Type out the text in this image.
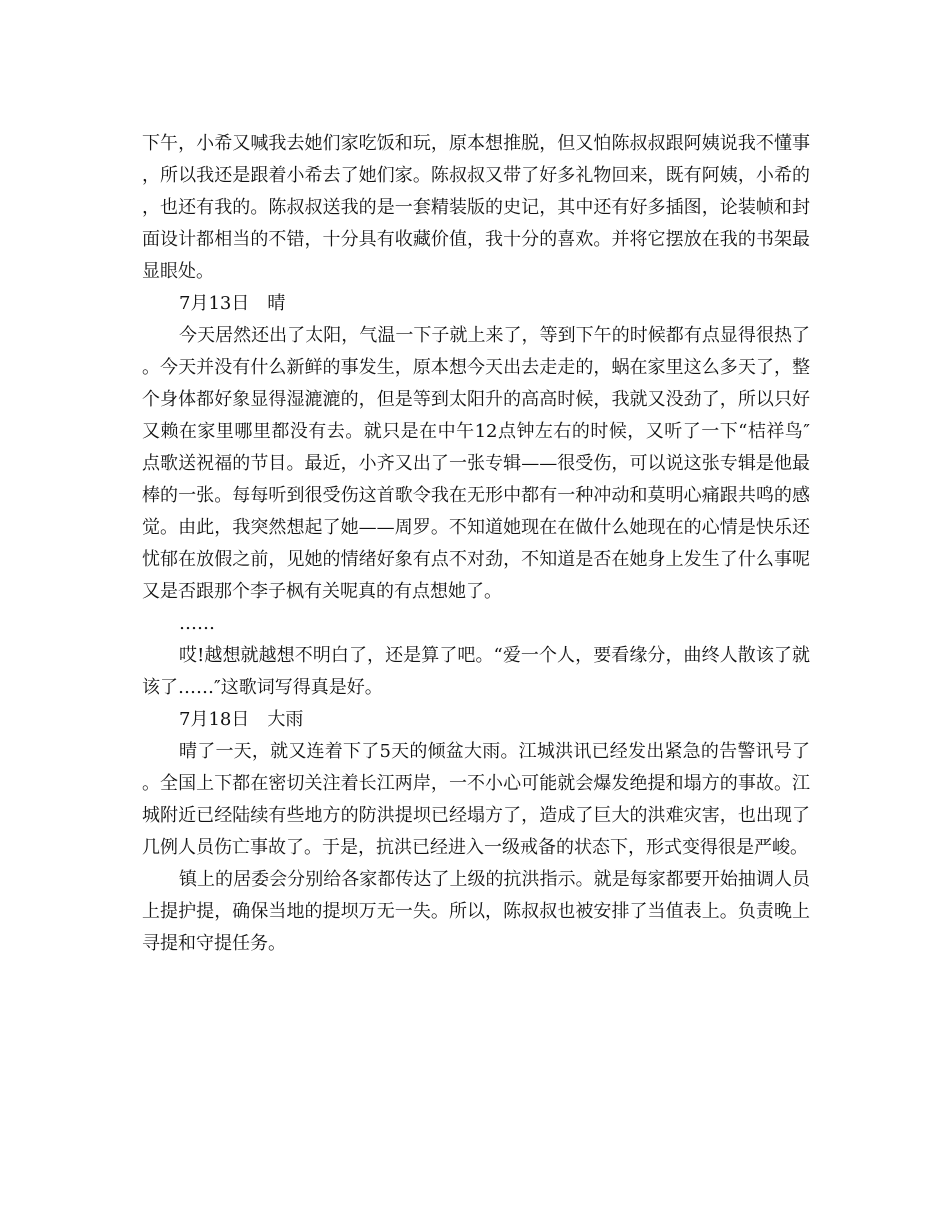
下午，小希又喊我去她们家吃饭和玩，原本想推脱，但又怕陈叔叔跟阿姨说我不懂事，所以我还是跟着小希去了她们家。陈叔叔又带了好多礼物回来，既有阿姨，小希的，也还有我的。陈叔叔送我的是一套精装版的史记，其中还有好多插图，论装帧和封面设计都相当的不错，十分具有收藏价值，我十分的喜欢。并将它摆放在我的书架最显眼处。

7月13日　晴

今天居然还出了太阳，气温一下子就上来了，等到下午的时候都有点显得很热了。今天并没有什么新鲜的事发生，原本想今天出去走走的，蜗在家里这么多天了，整个身体都好象显得湿漉漉的，但是等到太阳升的高高时候，我就又没劲了，所以只好又赖在家里哪里都没有去。就只是在中午12点钟左右的时候，又听了一下“桔祥鸟″点歌送祝福的节目。最近，小齐又出了一张专辑——很受伤，可以说这张专辑是他最棒的一张。每每听到很受伤这首歌令我在无形中都有一种冲动和莫明心痛跟共鸣的感觉。由此，我突然想起了她——周罗。不知道她现在在做什么她现在的心情是快乐还忧郁在放假之前，见她的情绪好象有点不对劲，不知道是否在她身上发生了什么事呢又是否跟那个李子枫有关呢真的有点想她了。

……

哎!越想就越想不明白了，还是算了吧。“爱一个人，要看缘分，曲终人散该了就该了……″这歌词写得真是好。

7月18日　大雨

晴了一天，就又连着下了5天的倾盆大雨。江城洪讯已经发出紧急的告警讯号了。全国上下都在密切关注着长江两岸，一不小心可能就会爆发绝提和塌方的事故。江城附近已经陆续有些地方的防洪提坝已经塌方了，造成了巨大的洪难灾害，也出现了几例人员伤亡事故了。于是，抗洪已经进入一级戒备的状态下，形式变得很是严峻。

镇上的居委会分别给各家都传达了上级的抗洪指示。就是每家都要开始抽调人员上提护提，确保当地的提坝万无一失。所以，陈叔叔也被安排了当值表上。负责晚上寻提和守提任务。
